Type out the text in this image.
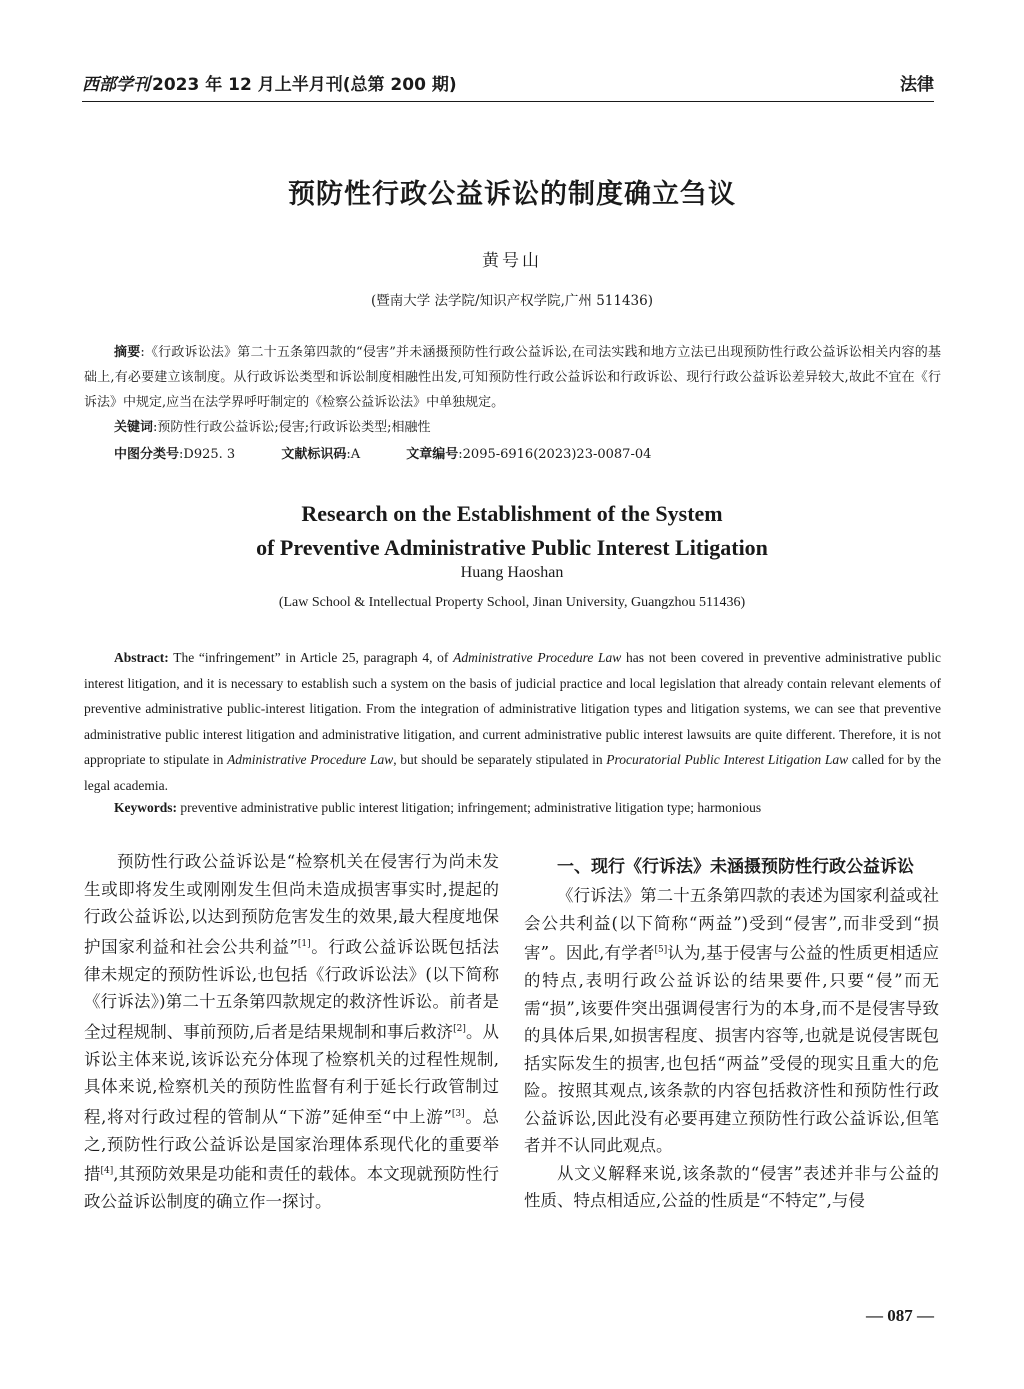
西部学刊 2023 年 12 月上半月刊(总第 200 期)	法律
预防性行政公益诉讼的制度确立刍议
黄号山
(暨南大学 法学院/知识产权学院,广州 511436)
摘要:《行政诉讼法》第二十五条第四款的“侵害”并未涵摄预防性行政公益诉讼,在司法实践和地方立法已出现预防性行政公益诉讼相关内容的基础上,有必要建立该制度。从行政诉讼类型和诉讼制度相融性出发,可知预防性行政公益诉讼和行政诉讼、现行行政公益诉讼差异较大,故此不宜在《行诉法》中规定,应当在法学界呼吁制定的《检察公益诉讼法》中单独规定。
关键词:预防性行政公益诉讼;侵害;行政诉讼类型;相融性
中图分类号:D925. 3	文献标识码:A	文章编号:2095-6916(2023)23-0087-04
Research on the Establishment of the System
of Preventive Administrative Public Interest Litigation
Huang Haoshan
(Law School & Intellectual Property School, Jinan University, Guangzhou 511436)
Abstract: The “infringement” in Article 25, paragraph 4, of Administrative Procedure Law has not been covered in preventive administrative public interest litigation, and it is necessary to establish such a system on the basis of judicial practice and local legislation that already contain relevant elements of preventive administrative public-interest litigation. From the integration of administrative litigation types and litigation systems, we can see that preventive administrative public interest litigation and administrative litigation, and current administrative public interest lawsuits are quite different. Therefore, it is not appropriate to stipulate in Administrative Procedure Law, but should be separately stipulated in Procuratorial Public Interest Litigation Law called for by the legal academia.
Keywords: preventive administrative public interest litigation; infringement; administrative litigation type; harmonious

预防性行政公益诉讼是“检察机关在侵害行为尚未发生或即将发生或刚刚发生但尚未造成损害事实时,提起的行政公益诉讼,以达到预防危害发生的效果,最大程度地保护国家利益和社会公共利益”[1]。行政公益诉讼既包括法律未规定的预防性诉讼,也包括《行政诉讼法》(以下简称《行诉法》)第二十五条第四款规定的救济性诉讼。前者是全过程规制、事前预防,后者是结果规制和事后救济[2]。从诉讼主体来说,该诉讼充分体现了检察机关的过程性规制,具体来说,检察机关的预防性监督有利于延长行政管制过程,将对行政过程的管制从“下游”延伸至“中上游”[3]。总之,预防性行政公益诉讼是国家治理体系现代化的重要举措[4],其预防效果是功能和责任的载体。本文现就预防性行政公益诉讼制度的确立作一探讨。

一、现行《行诉法》未涵摄预防性行政公益诉讼

《行诉法》第二十五条第四款的表述为国家利益或社会公共利益(以下简称“两益”)受到“侵害”,而非受到“损害”。因此,有学者[5]认为,基于侵害与公益的性质更相适应的特点,表明行政公益诉讼的结果要件,只要“侵”而无需“损”,该要件突出强调侵害行为的本身,而不是侵害导致的具体后果,如损害程度、损害内容等,也就是说侵害既包括实际发生的损害,也包括“两益”受侵的现实且重大的危险。按照其观点,该条款的内容包括救济性和预防性行政公益诉讼,因此没有必要再建立预防性行政公益诉讼,但笔者并不认同此观点。

从文义解释来说,该条款的“侵害”表述并非与公益的性质、特点相适应,公益的性质是“不特定”,与侵

— 087 —
